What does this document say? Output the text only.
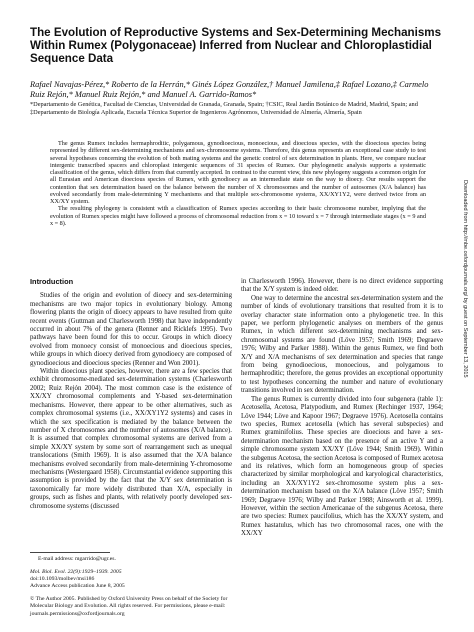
The Evolution of Reproductive Systems and Sex-Determining Mechanisms Within Rumex (Polygonaceae) Inferred from Nuclear and Chloroplastidial Sequence Data
Rafael Navajas-Pérez,* Roberto de la Herrán,* Ginés López González,† Manuel Jamilena,‡ Rafael Lozano,‡ Carmelo Ruiz Rejón,* Manuel Ruiz Rejón,* and Manuel A. Garrido-Ramos*
*Departamento de Genética, Facultad de Ciencias, Universidad de Granada, Granada, Spain; †CSIC, Real Jardín Botánico de Madrid, Madrid, Spain; and ‡Departamento de Biología Aplicada, Escuela Técnica Superior de Ingenieros Agrónomos, Universidad de Almería, Almería, Spain

The genus Rumex includes hermaphroditic, polygamous, gynodioecious, monoecious, and dioecious species, with the dioecious species being represented by different sex-determining mechanisms and sex-chromosome systems. Therefore, this genus represents an exceptional case study to test several hypotheses concerning the evolution of both mating systems and the genetic control of sex determination in plants. Here, we compare nuclear intergenic transcribed spacers and chloroplast intergenic sequences of 31 species of Rumex. Our phylogenetic analysis supports a systematic classification of the genus, which differs from that currently accepted. In contrast to the current view, this new phylogeny suggests a common origin for all Eurasian and American dioecious species of Rumex, with gynodioecy as an intermediate state on the way to dioecy. Our results support the contention that sex determination based on the balance between the number of X chromosomes and the number of autosomes (X/A balance) has evolved secondarily from male-determining Y mechanisms and that multiple sex-chromosome systems, XX/XY1Y2, were derived twice from an XX/XY system.

The resulting phylogeny is consistent with a classification of Rumex species according to their basic chromosome number, implying that the evolution of Rumex species might have followed a process of chromosomal reduction from x = 10 toward x = 7 through intermediate stages (x = 9 and x = 8).

Introduction

Studies of the origin and evolution of dioecy and sex-determining mechanisms are two major topics in evolutionary biology. Among flowering plants the origin of dioecy appears to have resulted from quite recent events (Guttman and Charlesworth 1998) that have independently occurred in about 7% of the genera (Renner and Ricklefs 1995). Two pathways have been found for this to occur. Groups in which dioecy evolved from monoecy consist of monoecious and dioecious species, while groups in which dioecy derived from gynodioecy are composed of gynodioecious and dioecious species (Renner and Won 2001).

Within dioecious plant species, however, there are a few species that exhibit chromosome-mediated sex-determination systems (Charlesworth 2002; Ruiz Rejón 2004). The most common case is the existence of XX/XY chromosomal complements and Y-based sex-determination mechanisms. However, there appear to be other alternatives, such as complex chromosomal systems (i.e., XX/XY1Y2 systems) and cases in which the sex specification is mediated by the balance between the number of X chromosomes and the number of autosomes (X/A balance). It is assumed that complex chromosomal systems are derived from a simple XX/XY system by some sort of rearrangement such as unequal translocations (Smith 1969). It is also assumed that the X/A balance mechanisms evolved secondarily from male-determining Y-chromosome mechanisms (Westergaard 1958). Circumstantial evidence supporting this assumption is provided by the fact that the X/Y sex determination is taxonomically far more widely distributed than X/A, especially in groups, such as fishes and plants, with relatively poorly developed sex-chromosome systems (discussed

in Charlesworth 1996). However, there is no direct evidence supporting that the X/Y system is indeed older.

One way to determine the ancestral sex-determination system and the number of kinds of evolutionary transitions that resulted from it is to overlay character state information onto a phylogenetic tree. In this paper, we perform phylogenetic analyses on members of the genus Rumex, in which different sex-determining mechanisms and sex-chromosomal systems are found (Löve 1957; Smith 1969; Degraeve 1976; Wilby and Parker 1988). Within the genus Rumex, we find both X/Y and X/A mechanisms of sex determination and species that range from being gynodioecious, monoecious, and polygamous to hermaphroditic; therefore, the genus provides an exceptional opportunity to test hypotheses concerning the number and nature of evolutionary transitions involved in sex determination.

The genus Rumex is currently divided into four subgenera (table 1): Acetosella, Acetosa, Platypodium, and Rumex (Rechinger 1937, 1964; Löve 1944; Löve and Kapoor 1967; Degraeve 1976). Acetosella contains two species, Rumex acetosella (which has several subspecies) and Rumex graminifolius. These species are dioecious and have a sex-determination mechanism based on the presence of an active Y and a simple chromosome system XX/XY (Löve 1944; Smith 1969). Within the subgenus Acetosa, the section Acetosa is composed of Rumex acetosa and its relatives, which form an homogeneous group of species characterized by similar morphological and karyological characteristics, including an XX/XY1Y2 sex-chromosome system plus a sex-determination mechanism based on the X/A balance (Löve 1957; Smith 1969; Degraeve 1976; Wilby and Parker 1988; Ainsworth et al. 1999). However, within the section Americanae of the subgenus Acetosa, there are two species: Rumex paucifolius, which has the XX/XY system, and Rumex hastatulus, which has two chromosomal races, one with the XX/XY

E-mail address: mgarrido@ugr.es.
Mol. Biol. Evol. 22(9):1929–1939. 2005
doi:10.1093/molbev/msi186
Advance Access publication June 8, 2005
© The Author 2005. Published by Oxford University Press on behalf of the Society for Molecular Biology and Evolution. All rights reserved. For permissions, please e-mail: journals.permissions@oxfordjournals.org
Downloaded from http://mbe.oxfordjournals.org/ by guest on September 13, 2015
